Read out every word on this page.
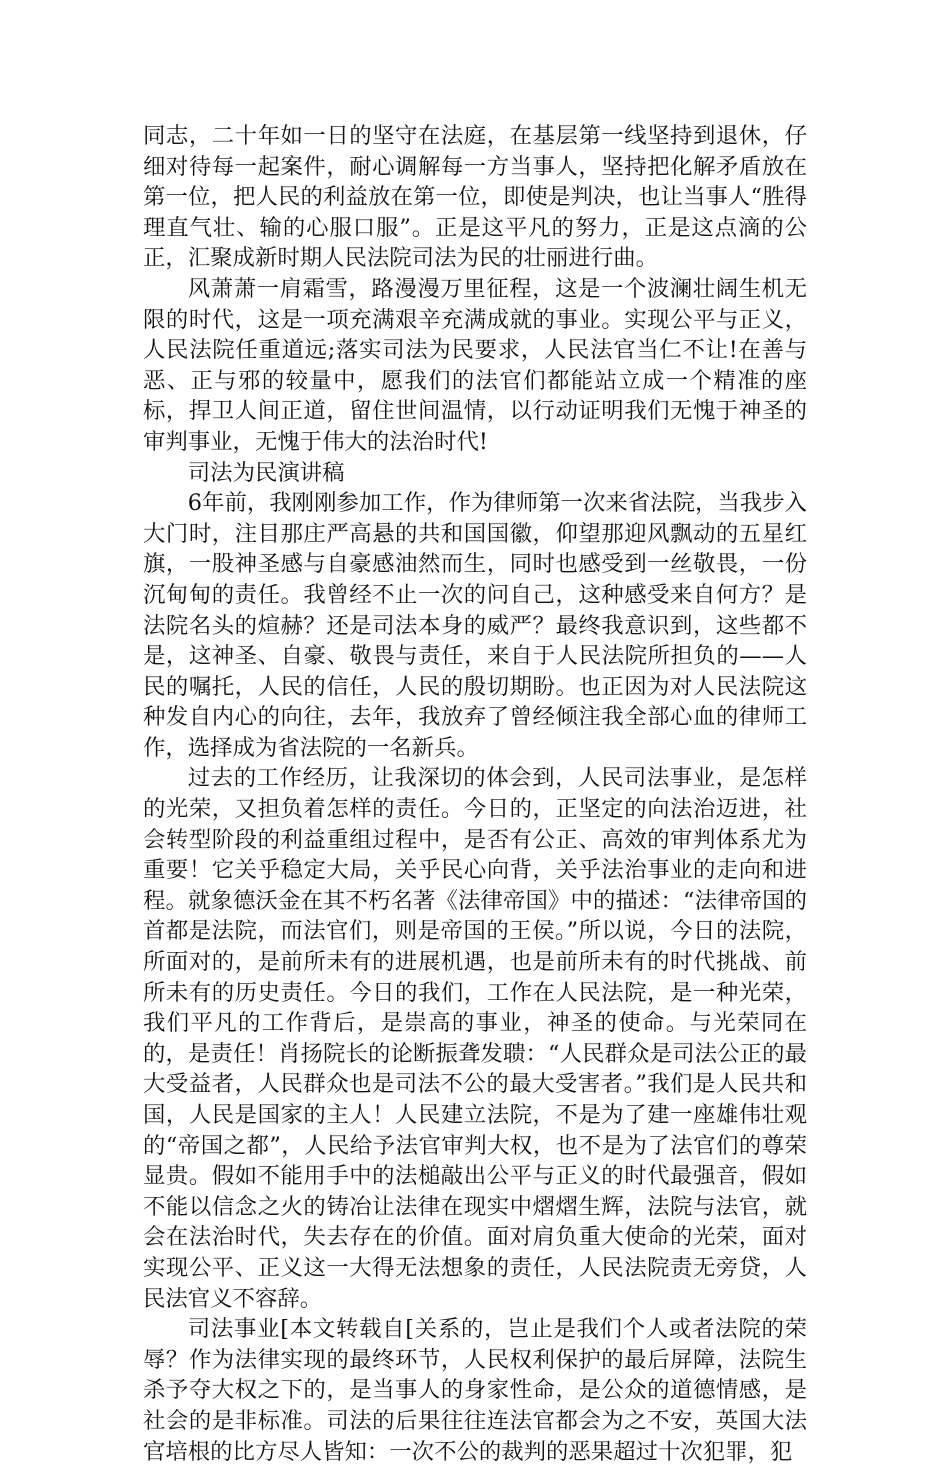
同志，二十年如一日的坚守在法庭，在基层第一线坚持到退休，仔细对待每一起案件，耐心调解每一方当事人，坚持把化解矛盾放在第一位，把人民的利益放在第一位，即使是判决，也让当事人“胜得理直气壮、输的心服口服”。正是这平凡的努力，正是这点滴的公正，汇聚成新时期人民法院司法为民的壮丽进行曲。

风萧萧一肩霜雪，路漫漫万里征程，这是一个波澜壮阔生机无限的时代，这是一项充满艰辛充满成就的事业。实现公平与正义，人民法院任重道远;落实司法为民要求，人民法官当仁不让!在善与恶、正与邪的较量中，愿我们的法官们都能站立成一个精准的座标，捍卫人间正道，留住世间温情，以行动证明我们无愧于神圣的审判事业，无愧于伟大的法治时代!

司法为民演讲稿

6年前，我刚刚参加工作，作为律师第一次来省法院，当我步入大门时，注目那庄严高悬的共和国国徽，仰望那迎风飘动的五星红旗，一股神圣感与自豪感油然而生，同时也感受到一丝敬畏，一份沉甸甸的责任。我曾经不止一次的问自己，这种感受来自何方？是法院名头的煊赫？还是司法本身的威严？最终我意识到，这些都不是，这神圣、自豪、敬畏与责任，来自于人民法院所担负的——人民的嘱托，人民的信任，人民的殷切期盼。也正因为对人民法院这种发自内心的向往，去年，我放弃了曾经倾注我全部心血的律师工作，选择成为省法院的一名新兵。

过去的工作经历，让我深切的体会到，人民司法事业，是怎样的光荣，又担负着怎样的责任。今日的，正坚定的向法治迈进，社会转型阶段的利益重组过程中，是否有公正、高效的审判体系尤为重要！它关乎稳定大局，关乎民心向背，关乎法治事业的走向和进程。就象德沃金在其不朽名著《法律帝国》中的描述：“法律帝国的首都是法院，而法官们，则是帝国的王侯。”所以说，今日的法院，所面对的，是前所未有的进展机遇，也是前所未有的时代挑战、前所未有的历史责任。今日的我们，工作在人民法院，是一种光荣，我们平凡的工作背后，是崇高的事业，神圣的使命。与光荣同在的，是责任！肖扬院长的论断振聋发聩：“人民群众是司法公正的最大受益者，人民群众也是司法不公的最大受害者。”我们是人民共和国，人民是国家的主人！人民建立法院，不是为了建一座雄伟壮观的“帝国之都”，人民给予法官审判大权，也不是为了法官们的尊荣显贵。假如不能用手中的法槌敲出公平与正义的时代最强音，假如不能以信念之火的铸冶让法律在现实中熠熠生辉，法院与法官，就会在法治时代，失去存在的价值。面对肩负重大使命的光荣，面对实现公平、正义这一大得无法想象的责任，人民法院责无旁贷，人民法官义不容辞。

司法事业[本文转载自[关系的，岂止是我们个人或者法院的荣辱？作为法律实现的最终环节，人民权利保护的最后屏障，法院生杀予夺大权之下的，是当事人的身家性命，是公众的道德情感，是社会的是非标准。司法的后果往往连法官都会为之不安，英国大法官培根的比方尽人皆知：一次不公的裁判的恶果超过十次犯罪，犯
